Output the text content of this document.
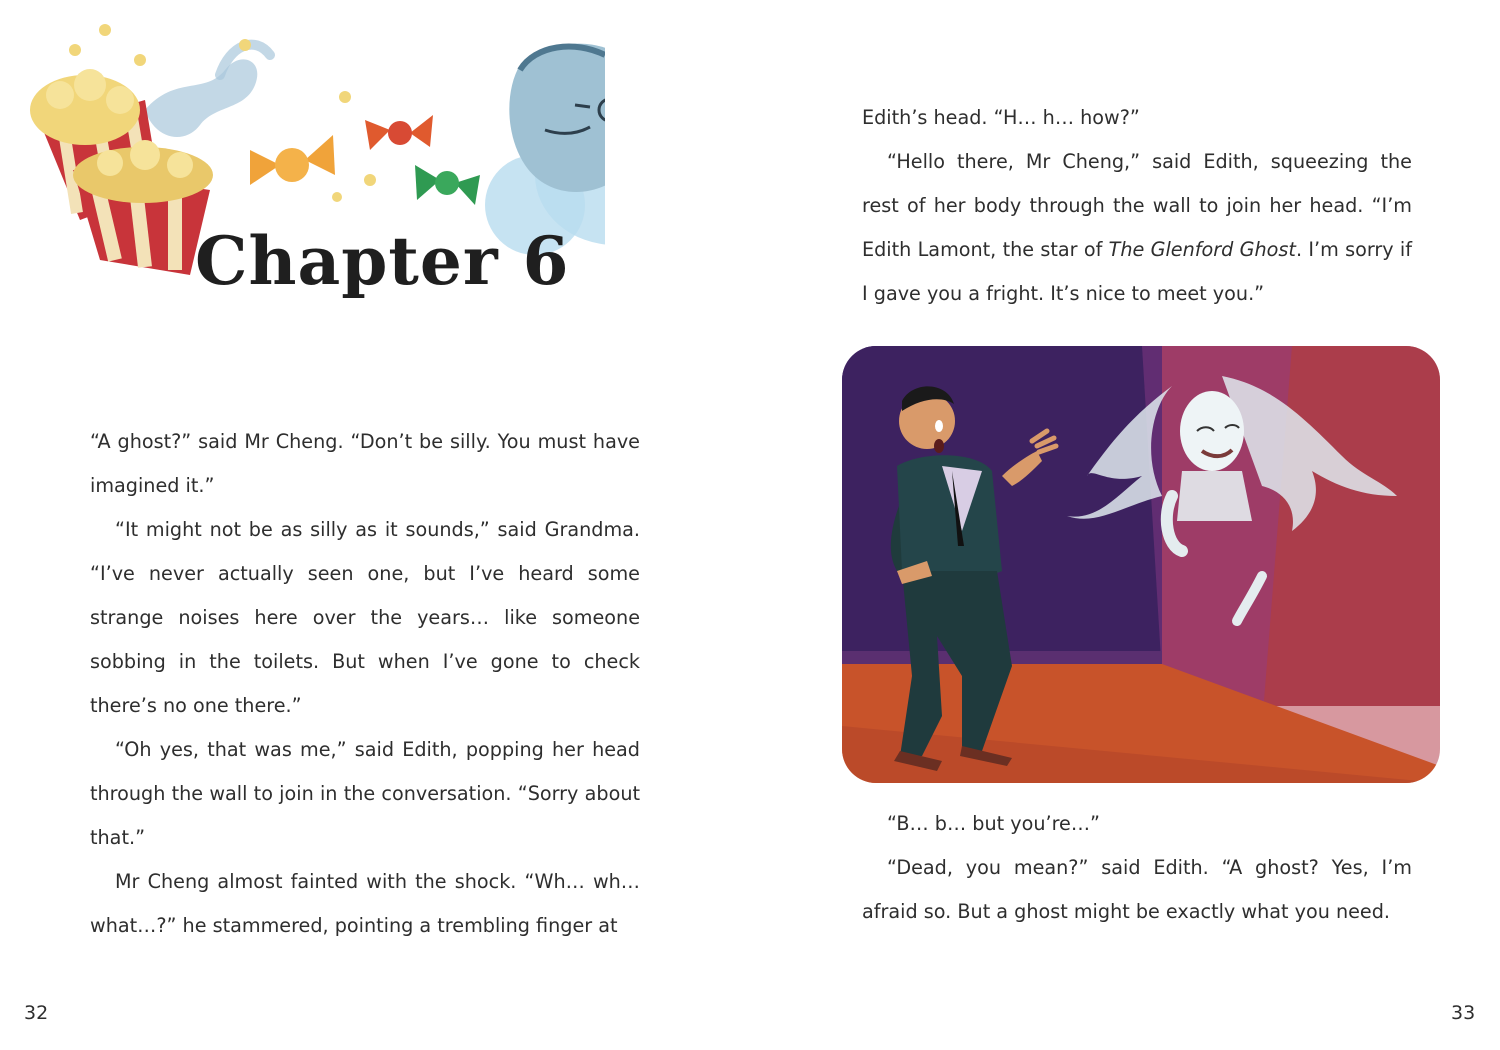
Chapter 6

“A ghost?” said Mr Cheng. “Don’t be silly. You must have imagined it.”

“It might not be as silly as it sounds,” said Grandma. “I’ve never actually seen one, but I’ve heard some strange noises here over the years… like someone sobbing in the toilets. But when I’ve gone to check there’s no one there.”

“Oh yes, that was me,” said Edith, popping her head through the wall to join in the conversation. “Sorry about that.”

Mr Cheng almost fainted with the shock. “Wh… wh… what…?” he stammered, pointing a trembling finger at

32

Edith’s head. “H… h… how?”

“Hello there, Mr Cheng,” said Edith, squeezing the rest of her body through the wall to join her head. “I’m Edith Lamont, the star of The Glenford Ghost. I’m sorry if I gave you a fright. It’s nice to meet you.”

“B… b… but you’re…”

“Dead, you mean?” said Edith. “A ghost? Yes, I’m afraid so. But a ghost might be exactly what you need.

33
